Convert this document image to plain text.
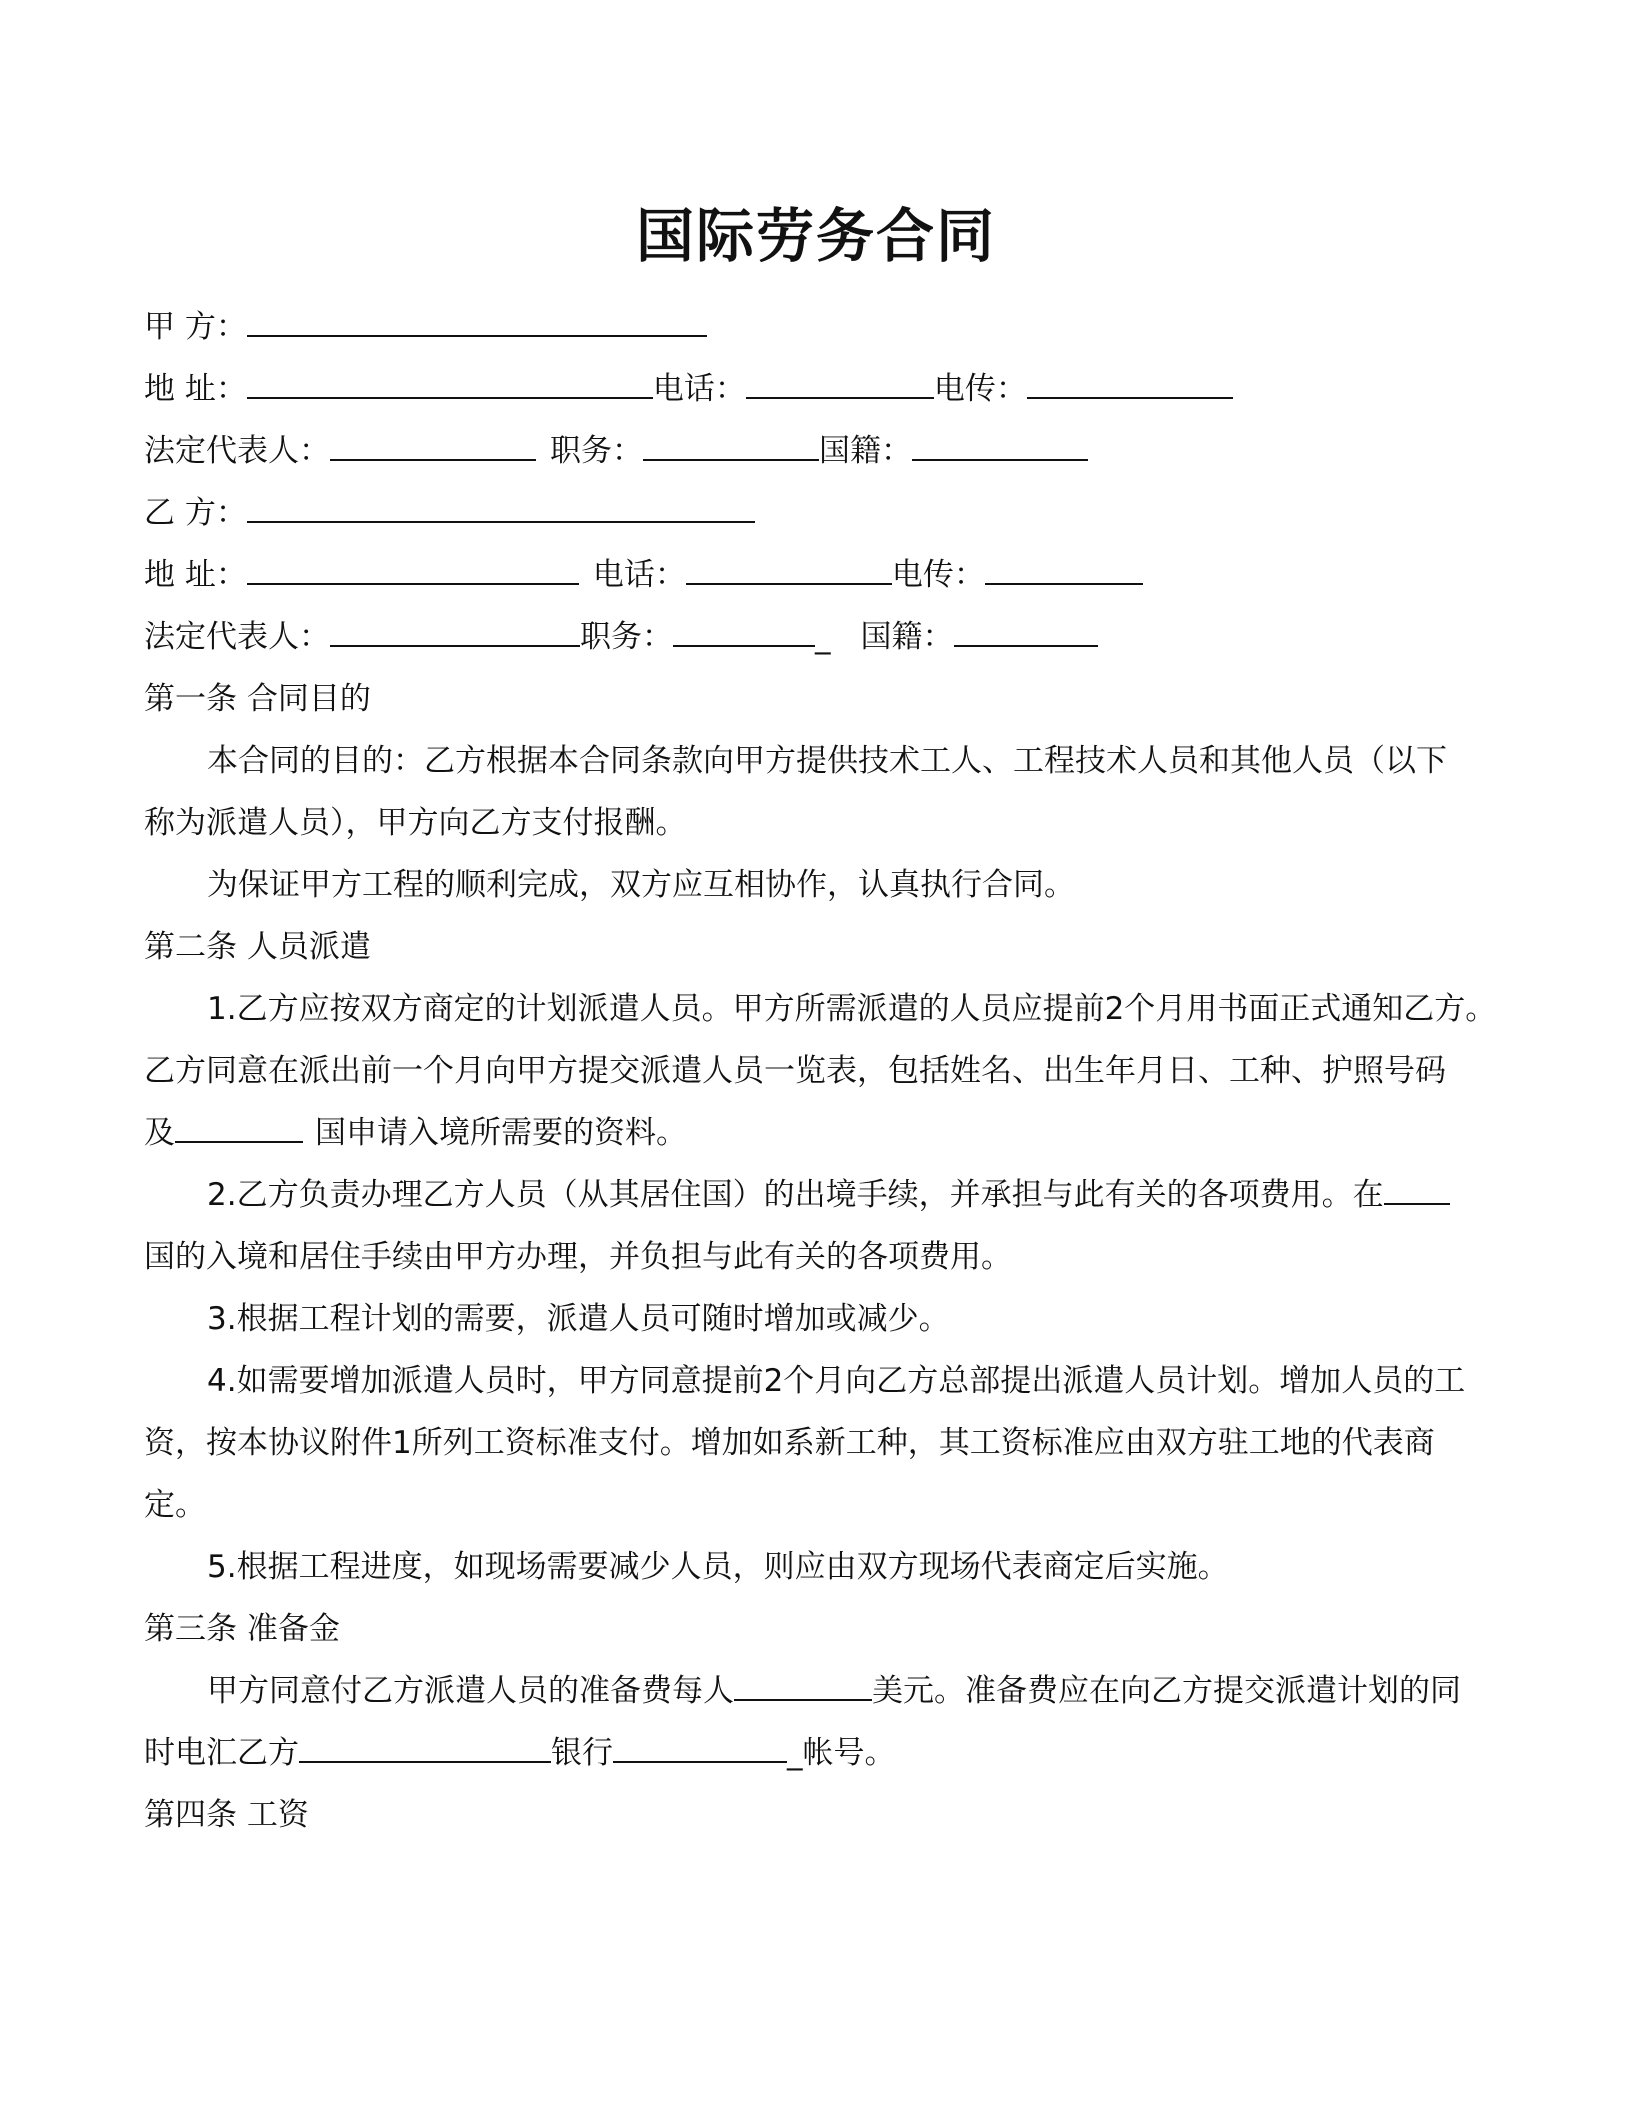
国际劳务合同
甲 方：
地 址：	电话：	电传：
法定代表人：	职务：	国籍：
乙 方：
地 址：	电话：	电传：
法定代表人：	职务：	_ 国籍：
第一条 合同目的
本合同的目的：乙方根据本合同条款向甲方提供技术工人、工程技术人员和其他人员（以下
称为派遣人员），甲方向乙方支付报酬。
为保证甲方工程的顺利完成，双方应互相协作，认真执行合同。
第二条 人员派遣
1.乙方应按双方商定的计划派遣人员。甲方所需派遣的人员应提前2个月用书面正式通知乙方。
乙方同意在派出前一个月向甲方提交派遣人员一览表，包括姓名、出生年月日、工种、护照号码
及	国申请入境所需要的资料。
2.乙方负责办理乙方人员（从其居住国）的出境手续，并承担与此有关的各项费用。在
国的入境和居住手续由甲方办理，并负担与此有关的各项费用。
3.根据工程计划的需要，派遣人员可随时增加或减少。
4.如需要增加派遣人员时，甲方同意提前2个月向乙方总部提出派遣人员计划。增加人员的工
资，按本协议附件1所列工资标准支付。增加如系新工种，其工资标准应由双方驻工地的代表商
定。
5.根据工程进度，如现场需要减少人员，则应由双方现场代表商定后实施。
第三条 准备金
甲方同意付乙方派遣人员的准备费每人	美元。准备费应在向乙方提交派遣计划的同
时电汇乙方	银行	_帐号。
第四条 工资
